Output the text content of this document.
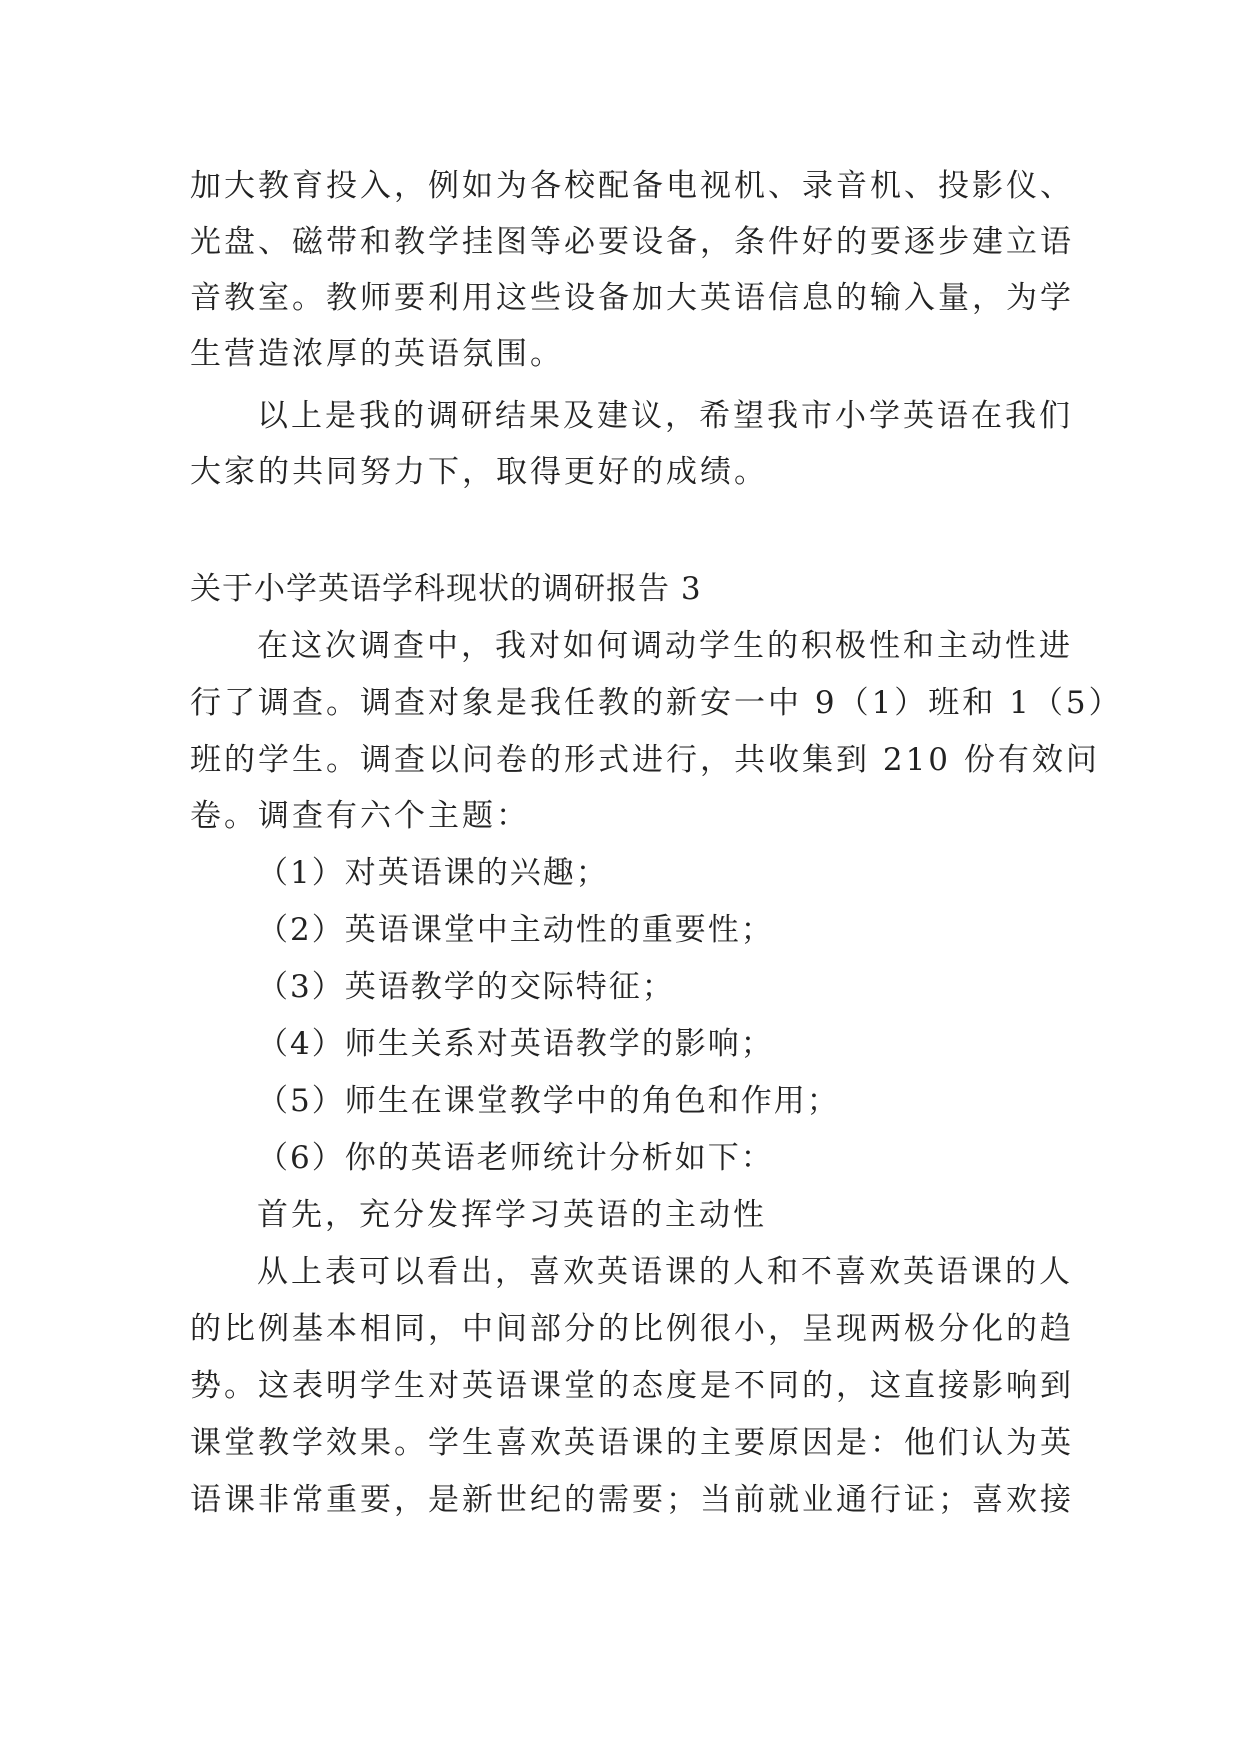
加大教育投入，例如为各校配备电视机、录音机、投影仪、
光盘、磁带和教学挂图等必要设备，条件好的要逐步建立语
音教室。教师要利用这些设备加大英语信息的输入量，为学
生营造浓厚的英语氛围。
以上是我的调研结果及建议，希望我市小学英语在我们
大家的共同努力下，取得更好的成绩。
关于小学英语学科现状的调研报告 3
在这次调查中，我对如何调动学生的积极性和主动性进
行了调查。调查对象是我任教的新安一中 9（1）班和 1（5）
班的学生。调查以问卷的形式进行，共收集到 210 份有效问
卷。调查有六个主题：
（1）对英语课的兴趣；
（2）英语课堂中主动性的重要性；
（3）英语教学的交际特征；
（4）师生关系对英语教学的影响；
（5）师生在课堂教学中的角色和作用；
（6）你的英语老师统计分析如下：
首先，充分发挥学习英语的主动性
从上表可以看出，喜欢英语课的人和不喜欢英语课的人
的比例基本相同，中间部分的比例很小，呈现两极分化的趋
势。这表明学生对英语课堂的态度是不同的，这直接影响到
课堂教学效果。学生喜欢英语课的主要原因是：他们认为英
语课非常重要，是新世纪的需要；当前就业通行证；喜欢接
